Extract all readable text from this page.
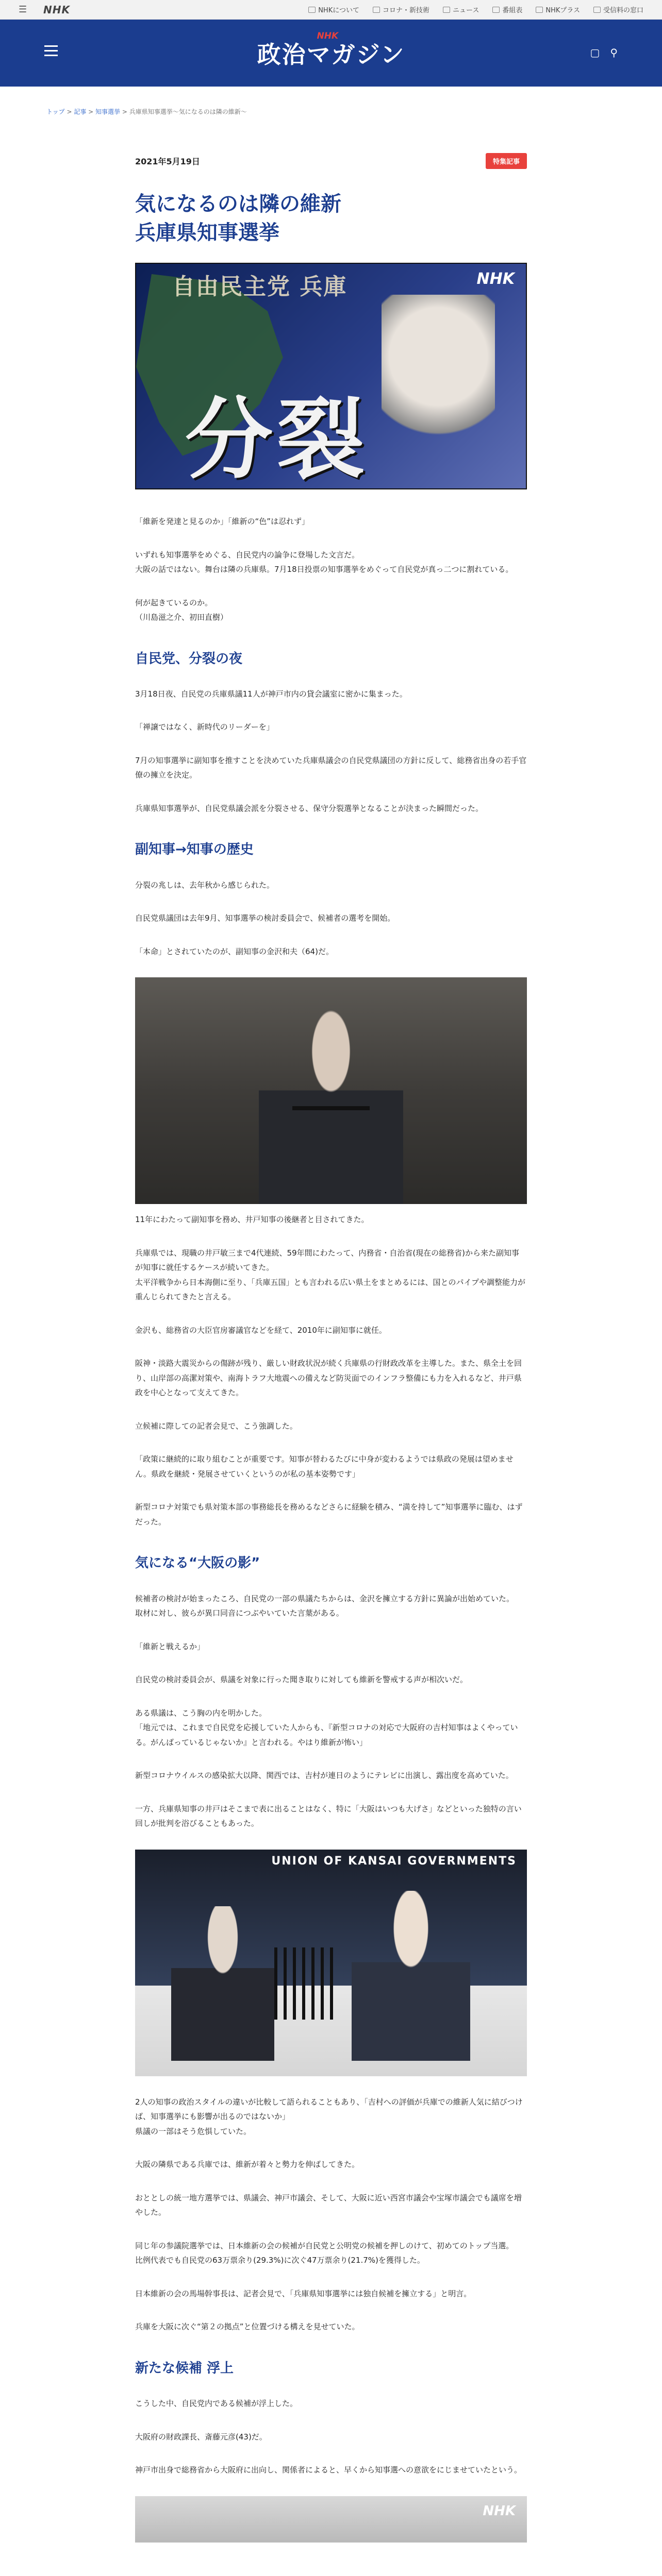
☰ NHK	NHKについて	コロナ・新技術	ニュース	番組表	NHKプラス	受信料の窓口
政治マガジン
NHK
▢ ⚲
トップ > 記事 > 知事選挙 > 兵庫県知事選挙〜気になるのは隣の維新〜
2021年5月19日	特集記事
気になるのは隣の維新
兵庫県知事選挙
自由民主党 兵庫
分裂
NHK

「維新を発達と見るのか」「維新の“色”は忍れず」

いずれも知事選挙をめぐる、自民党内の論争に登場した文言だ。

大阪の話ではない。舞台は隣の兵庫県。7月18日投票の知事選挙をめぐって自民党が真っ二つに割れている。

何が起きているのか。

（川島滋之介、初田直樹）

自民党、分裂の夜

3月18日夜、自民党の兵庫県議11人が神戸市内の貸会議室に密かに集まった。

「禅譲ではなく、新時代のリーダーを」

7月の知事選挙に副知事を推すことを決めていた兵庫県議会の自民党県議団の方針に反して、総務省出身の若手官僚の擁立を決定。

兵庫県知事選挙が、自民党県議会派を分裂させる、保守分裂選挙となることが決まった瞬間だった。

副知事→知事の歴史

分裂の兆しは、去年秋から感じられた。

自民党県議団は去年9月、知事選挙の検討委員会で、候補者の選考を開始。

「本命」とされていたのが、副知事の金沢和夫（64)だ。

11年にわたって副知事を務め、井戸知事の後継者と目されてきた。

兵庫県では、現職の井戸敏三まで4代連続、59年間にわたって、内務省・自治省(現在の総務省)から来た副知事が知事に就任するケースが続いてきた。

太平洋戦争から日本海側に至り、「兵庫五国」とも言われる広い県土をまとめるには、国とのパイプや調整能力が重んじられてきたと言える。

金沢も、総務省の大臣官房審議官などを経て、2010年に副知事に就任。

阪神・淡路大震災からの傷跡が残り、厳しい財政状況が続く兵庫県の行財政改革を主導した。また、県全土を回り、山岸部の高潔対策や、南海トラフ大地震への備えなど防災面でのインフラ整備にも力を入れるなど、井戸県政を中心となって支えてきた。

立候補に際しての記者会見で、こう強調した。

「政策に継続的に取り組むことが重要です。知事が替わるたびに中身が変わるようでは県政の発展は望めません。県政を継続・発展させていくというのが私の基本姿勢です」

新型コロナ対策でも県対策本部の事務総長を務めるなどさらに経験を積み、“満を持して”知事選挙に臨む、はずだった。

気になる“大阪の影”

候補者の検討が始まったころ、自民党の一部の県議たちからは、金沢を擁立する方針に異論が出始めていた。

取材に対し、彼らが異口同音につぶやいていた言葉がある。

「維新と戦えるか」

自民党の検討委員会が、県議を対象に行った聞き取りに対しても維新を警戒する声が相次いだ。

ある県議は、こう胸の内を明かした。

「地元では、これまで自民党を応援していた人からも、『新型コロナの対応で大阪府の吉村知事はよくやっている。がんばっているじゃないか』と言われる。やはり維新が怖い」

新型コロナウイルスの感染拡大以降、関西では、吉村が連日のようにテレビに出演し、露出度を高めていた。

一方、兵庫県知事の井戸はそこまで表に出ることはなく、特に「大阪はいつも大げさ」などといった独特の言い回しが批判を浴びることもあった。

UNION OF KANSAI GOVERNMENTS

2人の知事の政治スタイルの違いが比較して語られることもあり、「吉村への評価が兵庫での維新人気に結びつけば、知事選挙にも影響が出るのではないか」

県議の一部はそう危惧していた。

大阪の隣県である兵庫では、維新が着々と勢力を伸ばしてきた。

おととしの統一地方選挙では、県議会、神戸市議会、そして、大阪に近い西宮市議会や宝塚市議会でも議席を増やした。

同じ年の参議院選挙では、日本維新の会の候補が自民党と公明党の候補を押しのけて、初めてのトップ当選。

比例代表でも自民党の63万票余り(29.3%)に次ぐ47万票余り(21.7%)を獲得した。

日本維新の会の馬場幹事長は、記者会見で、「兵庫県知事選挙には独自候補を擁立する」と明言。

兵庫を大阪に次ぐ“第２の拠点”と位置づける構えを見せていた。

新たな候補 浮上

こうした中、自民党内である候補が浮上した。

大阪府の財政課長、斎藤元彦(43)だ。

神戸市出身で総務省から大阪府に出向し、関係者によると、早くから知事選への意欲をにじませていたという。

NHK
